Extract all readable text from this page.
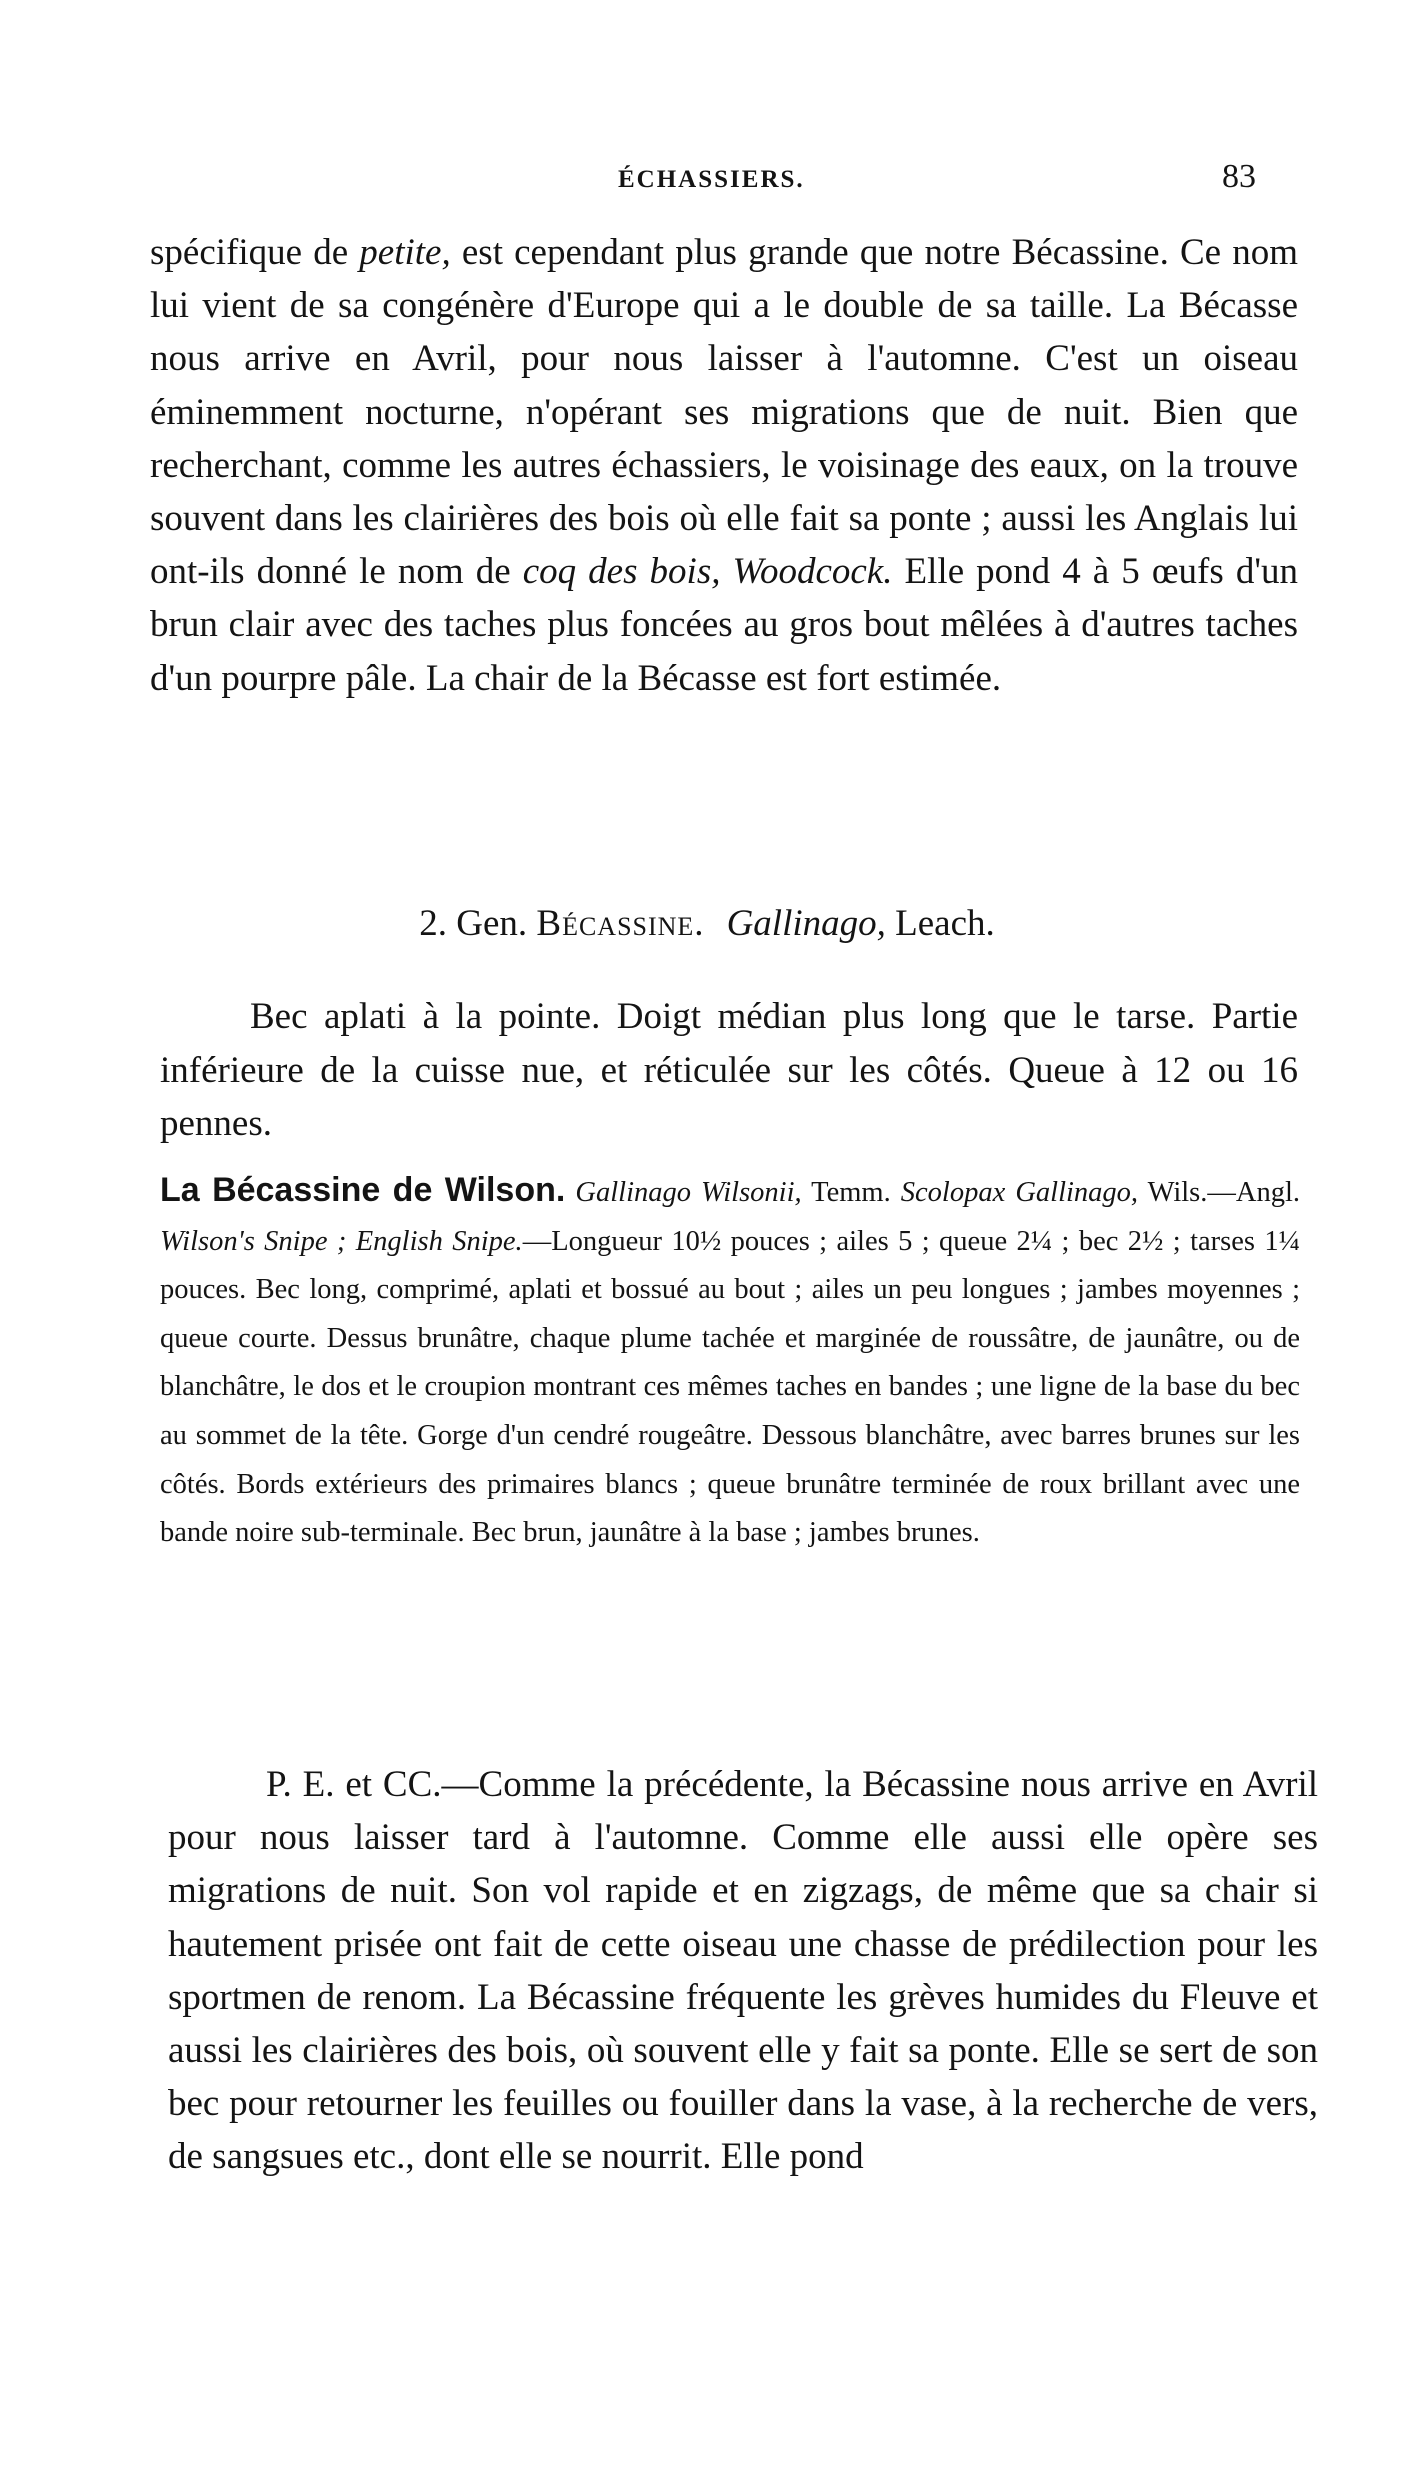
ÉCHASSIERS.	83
spécifique de petite, est cependant plus grande que notre Bécassine. Ce nom lui vient de sa congénère d'Europe qui a le double de sa taille. La Bécasse nous arrive en Avril, pour nous laisser à l'automne. C'est un oiseau éminemment nocturne, n'opérant ses migrations que de nuit. Bien que recherchant, comme les autres échassiers, le voisinage des eaux, on la trouve souvent dans les clairières des bois où elle fait sa ponte ; aussi les Anglais lui ont-ils donné le nom de coq des bois, Woodcock. Elle pond 4 à 5 œufs d'un brun clair avec des taches plus foncées au gros bout mêlées à d'autres taches d'un pourpre pâle. La chair de la Bécasse est fort estimée.
2. Gen. Bécassine. Gallinago, Leach.
Bec aplati à la pointe. Doigt médian plus long que le tarse. Partie inférieure de la cuisse nue, et réticulée sur les côtés. Queue à 12 ou 16 pennes.
La Bécassine de Wilson. Gallinago Wilsonii, Temm. Scolopax Gallinago, Wils.—Angl. Wilson's Snipe ; English Snipe.—Longueur 10½ pouces ; ailes 5 ; queue 2¼ ; bec 2½ ; tarses 1¼ pouces. Bec long, comprimé, aplati et bossué au bout ; ailes un peu longues ; jambes moyennes ; queue courte. Dessus brunâtre, chaque plume tachée et marginée de roussâtre, de jaunâtre, ou de blanchâtre, le dos et le croupion montrant ces mêmes taches en bandes ; une ligne de la base du bec au sommet de la tête. Gorge d'un cendré rougeâtre. Dessous blanchâtre, avec barres brunes sur les côtés. Bords extérieurs des primaires blancs ; queue brunâtre terminée de roux brillant avec une bande noire sub-terminale. Bec brun, jaunâtre à la base ; jambes brunes.
P. E. et CC.—Comme la précédente, la Bécassine nous arrive en Avril pour nous laisser tard à l'automne. Comme elle aussi elle opère ses migrations de nuit. Son vol rapide et en zigzags, de même que sa chair si hautement prisée ont fait de cette oiseau une chasse de prédilection pour les sportmen de renom. La Bécassine fréquente les grèves humides du Fleuve et aussi les clairières des bois, où souvent elle y fait sa ponte. Elle se sert de son bec pour retourner les feuilles ou fouiller dans la vase, à la recherche de vers, de sangsues etc., dont elle se nourrit. Elle pond
